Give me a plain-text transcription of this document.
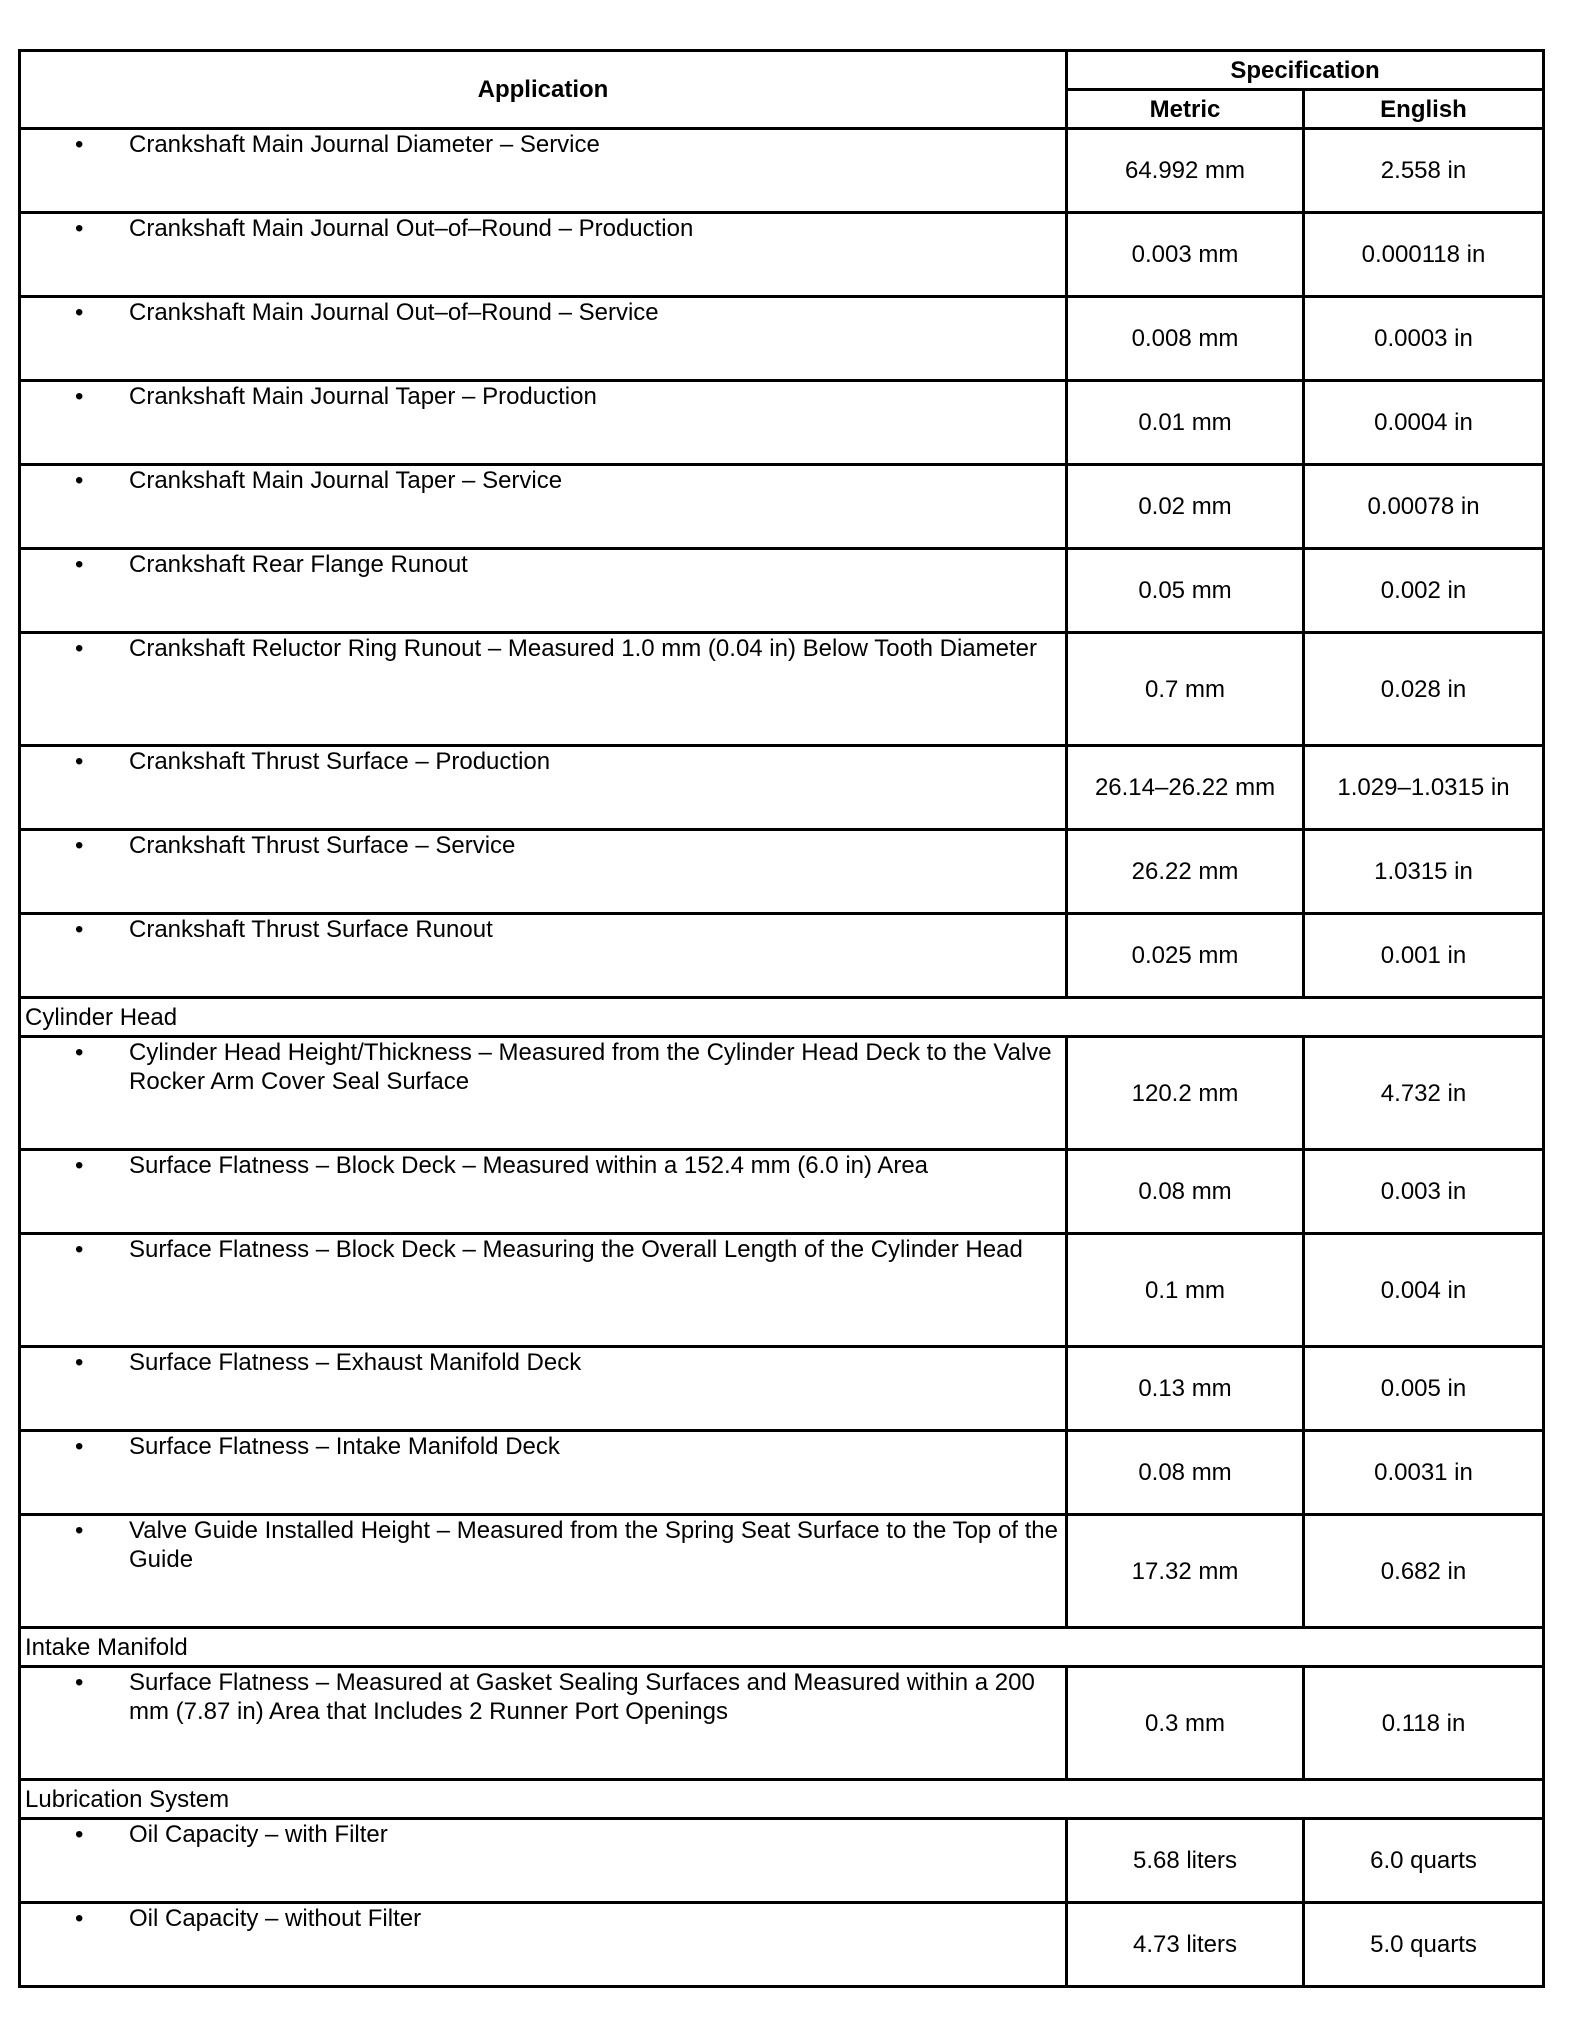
Application	Specification	
	Metric	English

• Crankshaft Main Journal Diameter – Service	64.992 mm	2.558 in

• Crankshaft Main Journal Out–of–Round – Production	0.003 mm	0.000118 in

• Crankshaft Main Journal Out–of–Round – Service	0.008 mm	0.0003 in

• Crankshaft Main Journal Taper – Production	0.01 mm	0.0004 in

• Crankshaft Main Journal Taper – Service	0.02 mm	0.00078 in

• Crankshaft Rear Flange Runout	0.05 mm	0.002 in

• Crankshaft Reluctor Ring Runout – Measured 1.0 mm (0.04 in) Below Tooth Diameter	0.7 mm	0.028 in

• Crankshaft Thrust Surface – Production	26.14–26.22 mm	1.029–1.0315 in

• Crankshaft Thrust Surface – Service	26.22 mm	1.0315 in

• Crankshaft Thrust Surface Runout	0.025 mm	0.001 in
Cylinder Head		

• Cylinder Head Height/Thickness – Measured from the Cylinder Head Deck to the Valve Rocker Arm Cover Seal Surface	120.2 mm	4.732 in

• Surface Flatness – Block Deck – Measured within a 152.4 mm (6.0 in) Area	0.08 mm	0.003 in

• Surface Flatness – Block Deck – Measuring the Overall Length of the Cylinder Head	0.1 mm	0.004 in

• Surface Flatness – Exhaust Manifold Deck	0.13 mm	0.005 in

• Surface Flatness – Intake Manifold Deck	0.08 mm	0.0031 in

• Valve Guide Installed Height – Measured from the Spring Seat Surface to the Top of the Guide	17.32 mm	0.682 in
Intake Manifold		

• Surface Flatness – Measured at Gasket Sealing Surfaces and Measured within a 200 mm (7.87 in) Area that Includes 2 Runner Port Openings	0.3 mm	0.118 in
Lubrication System		

• Oil Capacity – with Filter	5.68 liters	6.0 quarts

• Oil Capacity – without Filter	4.73 liters	5.0 quarts
